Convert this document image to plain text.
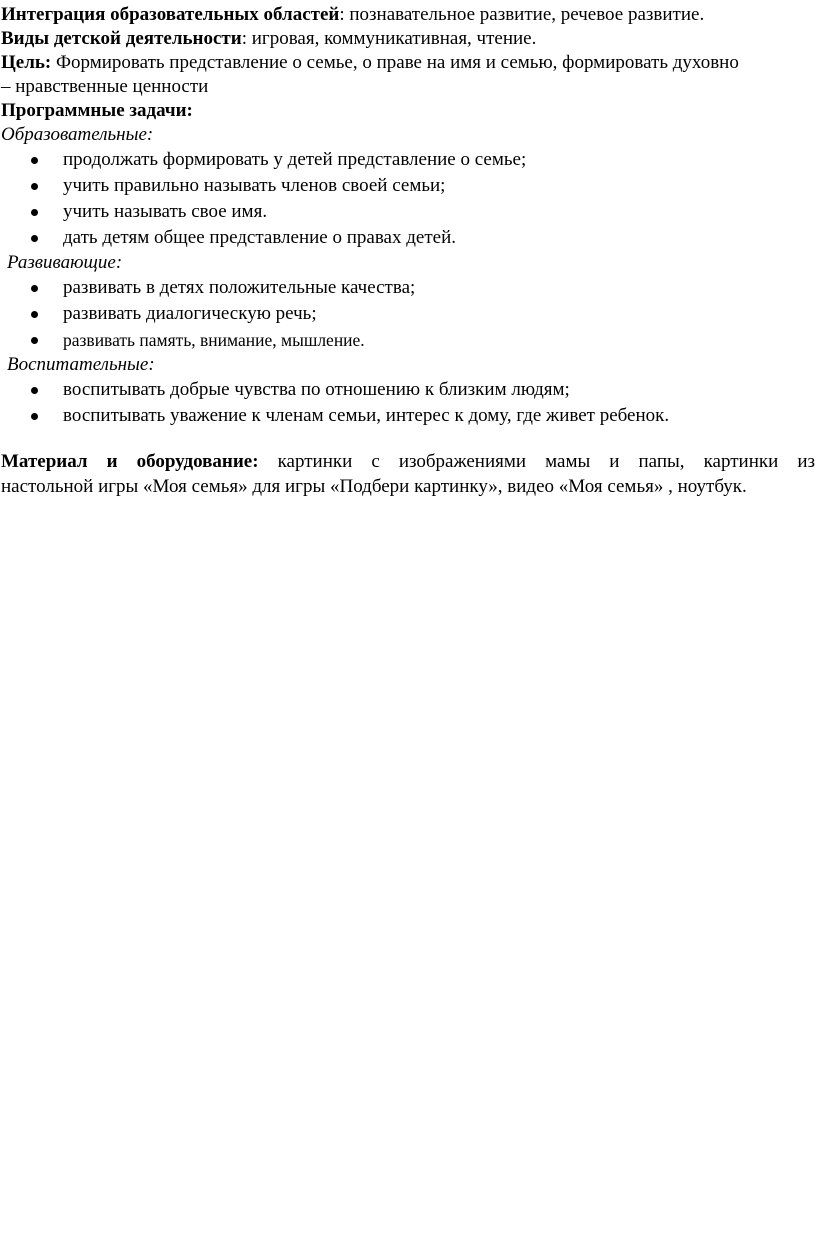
Интеграция образовательных областей: познавательное развитие, речевое развитие.

Виды детской деятельности: игровая, коммуникативная, чтение.

Цель: Формировать представление о семье, о праве на имя и семью, формировать духовно

– нравственные ценности

Программные задачи:

Образовательные:

продолжать формировать у детей представление о семье;
учить правильно называть членов своей семьи;
учить называть свое имя.
дать детям общее представление о правах детей.

Развивающие:

развивать в детях положительные качества;
развивать диалогическую речь;
развивать память, внимание, мышление.

Воспитательные:

воспитывать добрые чувства по отношению к близким людям;
воспитывать уважение к членам семьи, интерес к дому, где живет ребенок.
Материал и оборудование: картинки с изображениями мамы и папы, картинки из
настольной игры «Моя семья» для игры «Подбери картинку», видео «Моя семья» , ноутбук.
